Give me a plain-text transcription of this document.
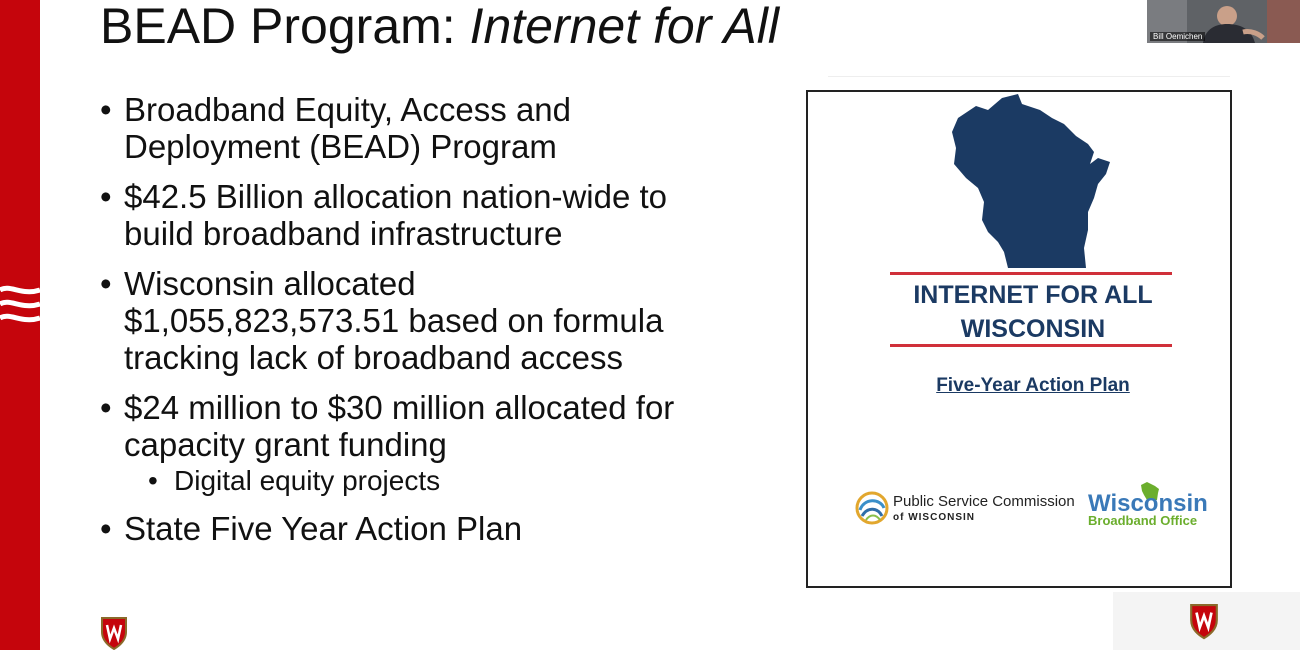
BEAD Program: Internet for All
• Broadband Equity, Access and
Deployment (BEAD) Program
• $42.5 Billion allocation nation-wide to
build broadband infrastructure
• Wisconsin allocated
$1,055,823,573.51 based on formula
tracking lack of broadband access
• $24 million to $30 million allocated for
capacity grant funding
• Digital equity projects
• State Five Year Action Plan
INTERNET FOR ALL
WISCONSIN
Five-Year Action Plan
Public Service Commission
of WISCONSIN
Wisconsin
Broadband Office
Bill Oemichen
